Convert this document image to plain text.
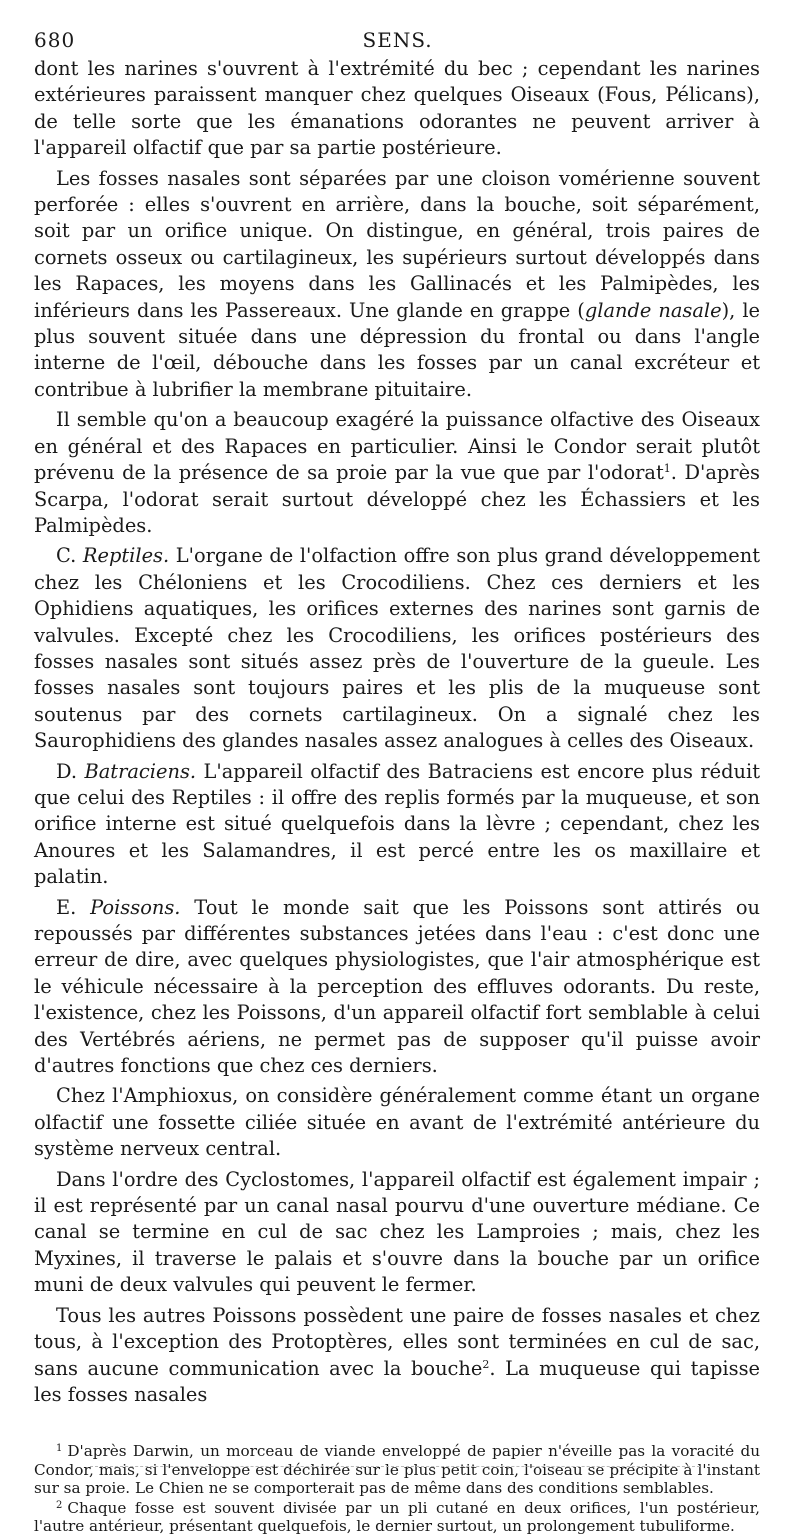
680	SENS.

dont les narines s'ouvrent à l'extrémité du bec ; cependant les narines extérieures paraissent manquer chez quelques Oiseaux (Fous, Pélicans), de telle sorte que les émanations odorantes ne peuvent arriver à l'appareil olfactif que par sa partie postérieure.

Les fosses nasales sont séparées par une cloison vomérienne souvent perforée : elles s'ouvrent en arrière, dans la bouche, soit séparément, soit par un orifice unique. On distingue, en général, trois paires de cornets osseux ou cartilagineux, les supérieurs surtout développés dans les Rapaces, les moyens dans les Gallinacés et les Palmipèdes, les inférieurs dans les Passereaux. Une glande en grappe (glande nasale), le plus souvent située dans une dépression du frontal ou dans l'angle interne de l'œil, débouche dans les fosses par un canal excréteur et contribue à lubrifier la membrane pituitaire.

Il semble qu'on a beaucoup exagéré la puissance olfactive des Oiseaux en général et des Rapaces en particulier. Ainsi le Condor serait plutôt prévenu de la présence de sa proie par la vue que par l'odorat$^1$. D'après Scarpa, l'odorat serait surtout développé chez les Échassiers et les Palmipèdes.

C. Reptiles. L'organe de l'olfaction offre son plus grand développement chez les Chéloniens et les Crocodiliens. Chez ces derniers et les Ophidiens aquatiques, les orifices externes des narines sont garnis de valvules. Excepté chez les Crocodiliens, les orifices postérieurs des fosses nasales sont situés assez près de l'ouverture de la gueule. Les fosses nasales sont toujours paires et les plis de la muqueuse sont soutenus par des cornets cartilagineux. On a signalé chez les Saurophidiens des glandes nasales assez analogues à celles des Oiseaux.

D. Batraciens. L'appareil olfactif des Batraciens est encore plus réduit que celui des Reptiles : il offre des replis formés par la muqueuse, et son orifice interne est situé quelquefois dans la lèvre ; cependant, chez les Anoures et les Salamandres, il est percé entre les os maxillaire et palatin.

E. Poissons. Tout le monde sait que les Poissons sont attirés ou repoussés par différentes substances jetées dans l'eau : c'est donc une erreur de dire, avec quelques physiologistes, que l'air atmosphérique est le véhicule nécessaire à la perception des effluves odorants. Du reste, l'existence, chez les Poissons, d'un appareil olfactif fort semblable à celui des Vertébrés aériens, ne permet pas de supposer qu'il puisse avoir d'autres fonctions que chez ces derniers.

Chez l'Amphioxus, on considère généralement comme étant un organe olfactif une fossette ciliée située en avant de l'extrémité antérieure du système nerveux central.

Dans l'ordre des Cyclostomes, l'appareil olfactif est également impair ; il est représenté par un canal nasal pourvu d'une ouverture médiane. Ce canal se termine en cul de sac chez les Lamproies ; mais, chez les Myxines, il traverse le palais et s'ouvre dans la bouche par un orifice muni de deux valvules qui peuvent le fermer.

Tous les autres Poissons possèdent une paire de fosses nasales et chez tous, à l'exception des Protoptères, elles sont terminées en cul de sac, sans aucune communication avec la bouche$^2$. La muqueuse qui tapisse les fosses nasales

$^1$ D'après Darwin, un morceau de viande enveloppé de papier n'éveille pas la voracité du Condor, mais, si l'enveloppe est déchirée sur le plus petit coin, l'oiseau se précipite à l'instant sur sa proie. Le Chien ne se comporterait pas de même dans des conditions semblables.

$^2$ Chaque fosse est souvent divisée par un pli cutané en deux orifices, l'un postérieur, l'autre antérieur, présentant quelquefois, le dernier surtout, un prolongement tubuliforme.
